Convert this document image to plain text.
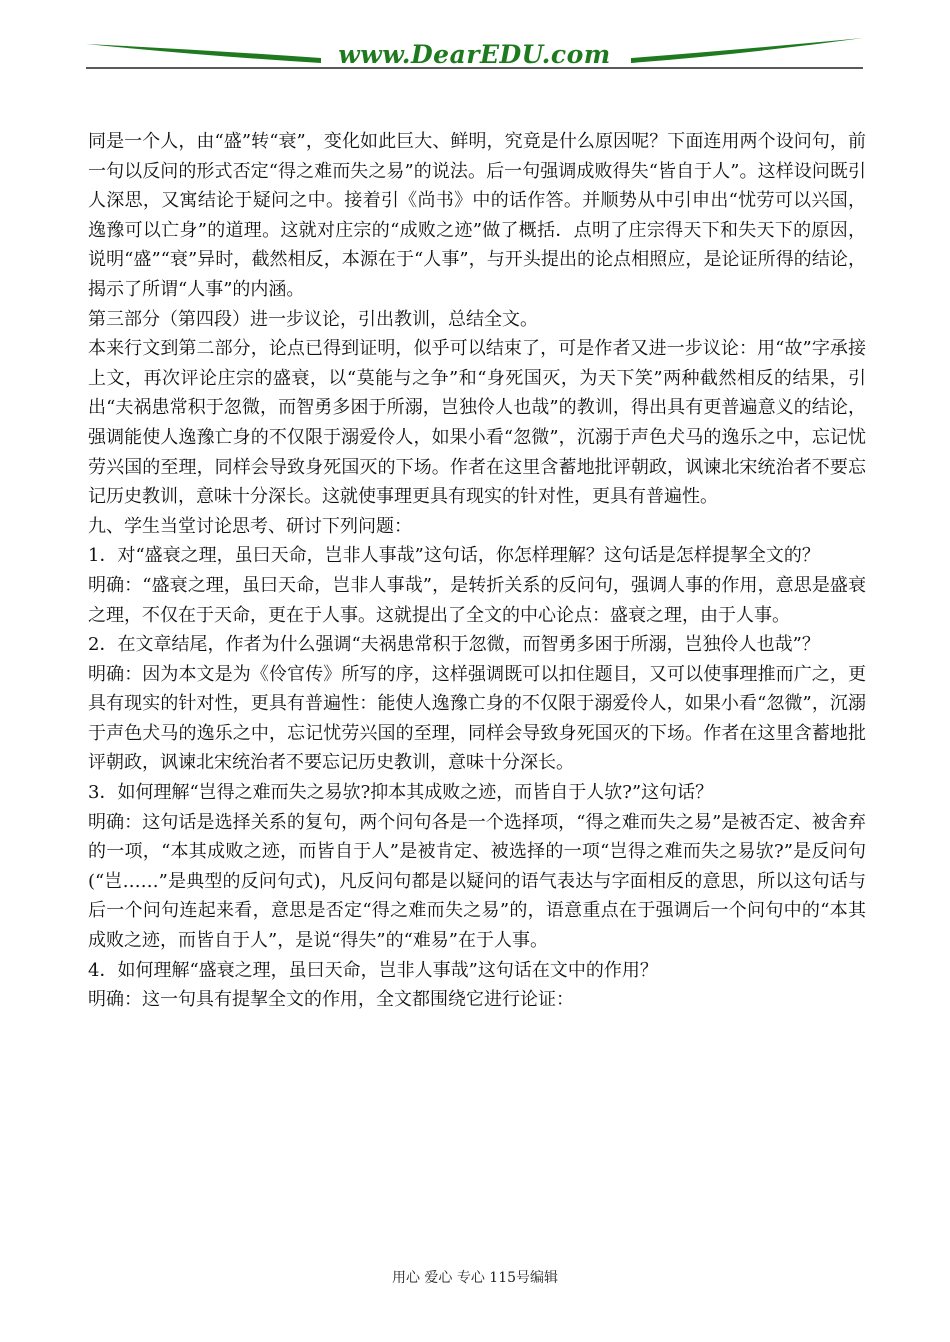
www.DearEDU.com

同是一个人，由“盛”转“衰”，变化如此巨大、鲜明，究竟是什么原因呢？下面连用两个设问句，前一句以反问的形式否定“得之难而失之易”的说法。后一句强调成败得失“皆自于人”。这样设问既引人深思，又寓结论于疑问之中。接着引《尚书》中的话作答。并顺势从中引申出“忧劳可以兴国，逸豫可以亡身”的道理。这就对庄宗的“成败之迹”做了概括．点明了庄宗得天下和失天下的原因，说明“盛”“衰”异时，截然相反，本源在于“人事”，与开头提出的论点相照应，是论证所得的结论，揭示了所谓“人事”的内涵。

第三部分（第四段）进一步议论，引出教训，总结全文。

本来行文到第二部分，论点已得到证明，似乎可以结束了，可是作者又进一步议论：用“故”字承接上文，再次评论庄宗的盛衰，以“莫能与之争”和“身死国灭，为天下笑”两种截然相反的结果，引出“夫祸患常积于忽微，而智勇多困于所溺，岂独伶人也哉”的教训，得出具有更普遍意义的结论，强调能使人逸豫亡身的不仅限于溺爱伶人，如果小看“忽微”，沉溺于声色犬马的逸乐之中，忘记忧劳兴国的至理，同样会导致身死国灭的下场。作者在这里含蓄地批评朝政，讽谏北宋统治者不要忘记历史教训，意味十分深长。这就使事理更具有现实的针对性，更具有普遍性。

九、学生当堂讨论思考、研讨下列问题：

1．对“盛衰之理，虽曰天命，岂非人事哉”这句话，你怎样理解？这句话是怎样提挈全文的？

明确：“盛衰之理，虽曰天命，岂非人事哉”，是转折关系的反问句，强调人事的作用，意思是盛衰之理，不仅在于天命，更在于人事。这就提出了全文的中心论点：盛衰之理，由于人事。

2．在文章结尾，作者为什么强调“夫祸患常积于忽微，而智勇多困于所溺，岂独伶人也哉”？

明确：因为本文是为《伶官传》所写的序，这样强调既可以扣住题目，又可以使事理推而广之，更具有现实的针对性，更具有普遍性：能使人逸豫亡身的不仅限于溺爱伶人，如果小看“忽微”，沉溺于声色犬马的逸乐之中，忘记忧劳兴国的至理，同样会导致身死国灭的下场。作者在这里含蓄地批评朝政，讽谏北宋统治者不要忘记历史教训，意味十分深长。

3．如何理解“岂得之难而失之易欤?抑本其成败之迹，而皆自于人欤?”这句话？

明确：这句话是选择关系的复句，两个问句各是一个选择项，“得之难而失之易”是被否定、被舍弃的一项，“本其成败之迹，而皆自于人”是被肯定、被选择的一项“岂得之难而失之易欤?”是反问句(“岂……”是典型的反问句式)，凡反问句都是以疑问的语气表达与字面相反的意思，所以这句话与后一个问句连起来看，意思是否定“得之难而失之易”的，语意重点在于强调后一个问句中的“本其成败之迹，而皆自于人”，是说“得失”的“难易”在于人事。

4．如何理解“盛衰之理，虽曰天命，岂非人事哉”这句话在文中的作用？

明确：这一句具有提挈全文的作用，全文都围绕它进行论证：

用心 爱心 专心 115号编辑
